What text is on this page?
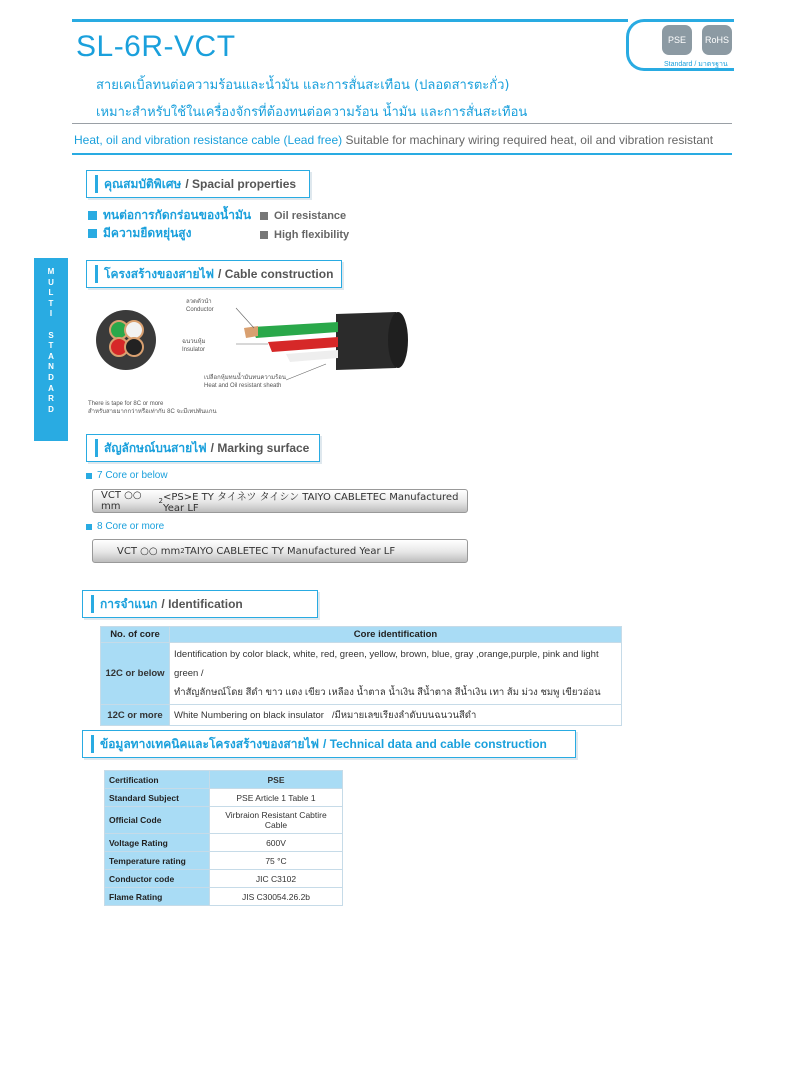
SL-6R-VCT	PSE	RoHS
Standard / มาตรฐาน
สายเคเบิ้ลทนต่อความร้อนและน้ำมัน และการสั่นสะเทือน (ปลอดสารตะกั่ว)
เหมาะสำหรับใช้ในเครื่องจักรที่ต้องทนต่อความร้อน น้ำมัน และการสั่นสะเทือน
Heat, oil and vibration resistance cable (Lead free) Suitable for machinary wiring required heat, oil and vibration resistant
M
U
L
T
I

S
T
A
N
D
A
R
D
คุณสมบัติพิเศษ / Spacial properties
ทนต่อการกัดกร่อนของน้ำมัน
มีความยืดหยุ่นสูง
Oil resistance
High flexibility
โครงสร้างของสายไฟ / Cable construction
ลวดตัวนำ
Conductor
ฉนวนหุ้ม
Insulator
เปลือกหุ้มทนน้ำมันทนความร้อน
Heat and Oil resistant sheath
There is tape for 8C or more
สำหรับสายมากกว่าหรือเท่ากับ 8C จะมีเทปพันแกน
สัญลักษณ์บนสายไฟ / Marking surface
7 Core or below
VCT ○○ mm	2 <PS>E TY タイネツ タイシン TAIYO CABLETEC Manufactured Year LF
8 Core or more
VCT ○○ mm 2 TAIYO CABLETEC TY Manufactured Year LF
การจำแนก / Identification
No. of core	Core identification
12C or below	Identification by color black, white, red, green, yellow, brown, blue, gray ,orange,purple, pink and light green /
ทำสัญลักษณ์โดย สีดำ ขาว แดง เขียว เหลือง น้ำตาล น้ำเงิน สีน้ำตาล สีน้ำเงิน เทา ส้ม ม่วง ชมพู เขียวอ่อน

12C or more	White Numbering on black insulator /มีหมายเลขเรียงลำดับบนฉนวนสีดำ
ข้อมูลทางเทคนิคและโครงสร้างของสายไฟ / Technical data and cable construction
Certification	PSE
Standard Subject	PSE Article 1 Table 1
Official Code	Virbraion Resistant Cabtire Cable
Voltage Rating	600V
Temperature rating	75 °C
Conductor code	JIC C3102
Flame Rating	JIS C30054.26.2b
